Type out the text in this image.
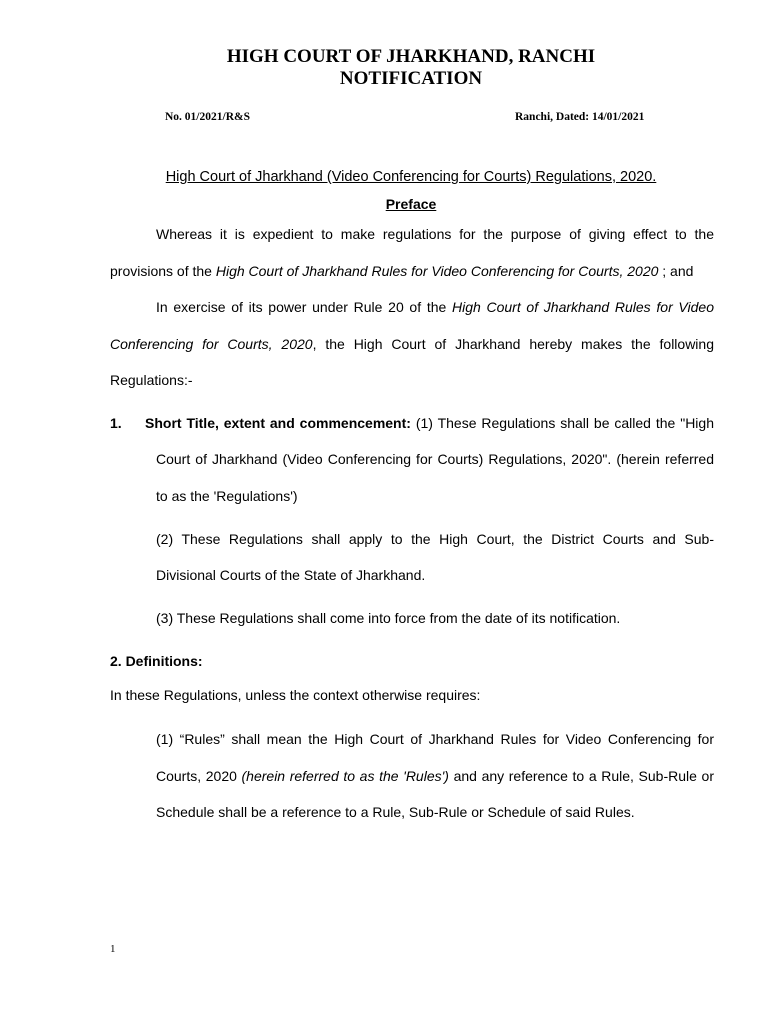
HIGH COURT OF JHARKHAND, RANCHI
NOTIFICATION
No. 01/2021/R&S	Ranchi, Dated: 14/01/2021
High Court of Jharkhand (Video Conferencing for Courts) Regulations, 2020.
Preface
Whereas it is expedient to make regulations for the purpose of giving effect to the
provisions of the High Court of Jharkhand Rules for Video Conferencing for Courts, 2020 ; and
In exercise of its power under Rule 20 of the High Court of Jharkhand Rules for Video
Conferencing for Courts, 2020, the High Court of Jharkhand hereby makes the following
Regulations:-
1. Short Title, extent and commencement: (1) These Regulations shall be called the "High
Court of Jharkhand (Video Conferencing for Courts) Regulations, 2020". (herein referred
to as the 'Regulations')
(2) These Regulations shall apply to the High Court, the District Courts and Sub-
Divisional Courts of the State of Jharkhand.
(3) These Regulations shall come into force from the date of its notification.
2. Definitions:
In these Regulations, unless the context otherwise requires:
(1) “Rules” shall mean the High Court of Jharkhand Rules for Video Conferencing for
Courts, 2020 (herein referred to as the 'Rules') and any reference to a Rule, Sub-Rule or
Schedule shall be a reference to a Rule, Sub-Rule or Schedule of said Rules.
1
